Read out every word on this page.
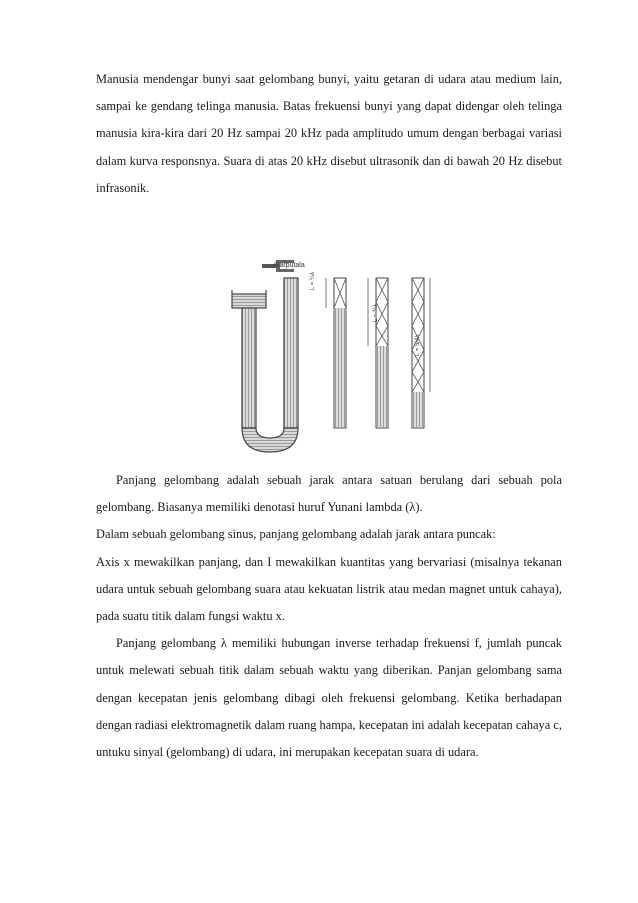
Manusia mendengar bunyi saat gelombang bunyi, yaitu getaran di udara atau medium lain, sampai ke gendang telinga manusia. Batas frekuensi bunyi yang dapat didengar oleh telinga manusia kira-kira dari 20 Hz sampai 20 kHz pada amplitudo umum dengan berbagai variasi dalam kurva responsnya. Suara di atas 20 kHz disebut ultrasonik dan di bawah 20 Hz disebut infrasonik.

Garputala
L = ¼λ
L = ¾λ
L = 5/4λ

Panjang gelombang adalah sebuah jarak antara satuan berulang dari sebuah pola gelombang. Biasanya memiliki denotasi huruf Yunani lambda (λ).

Dalam sebuah gelombang sinus, panjang gelombang adalah jarak antara puncak:

Axis x mewakilkan panjang, dan I mewakilkan kuantitas yang bervariasi (misalnya tekanan udara untuk sebuah gelombang suara atau kekuatan listrik atau medan magnet untuk cahaya), pada suatu titik dalam fungsi waktu x.

Panjang gelombang λ memiliki hubungan inverse terhadap frekuensi f, jumlah puncak untuk melewati sebuah titik dalam sebuah waktu yang diberikan. Panjan gelombang sama dengan kecepatan jenis gelombang dibagi oleh frekuensi gelombang. Ketika berhadapan dengan radiasi elektromagnetik dalam ruang hampa, kecepatan ini adalah kecepatan cahaya c, untuku sinyal (gelombang) di udara, ini merupakan kecepatan suara di udara.
